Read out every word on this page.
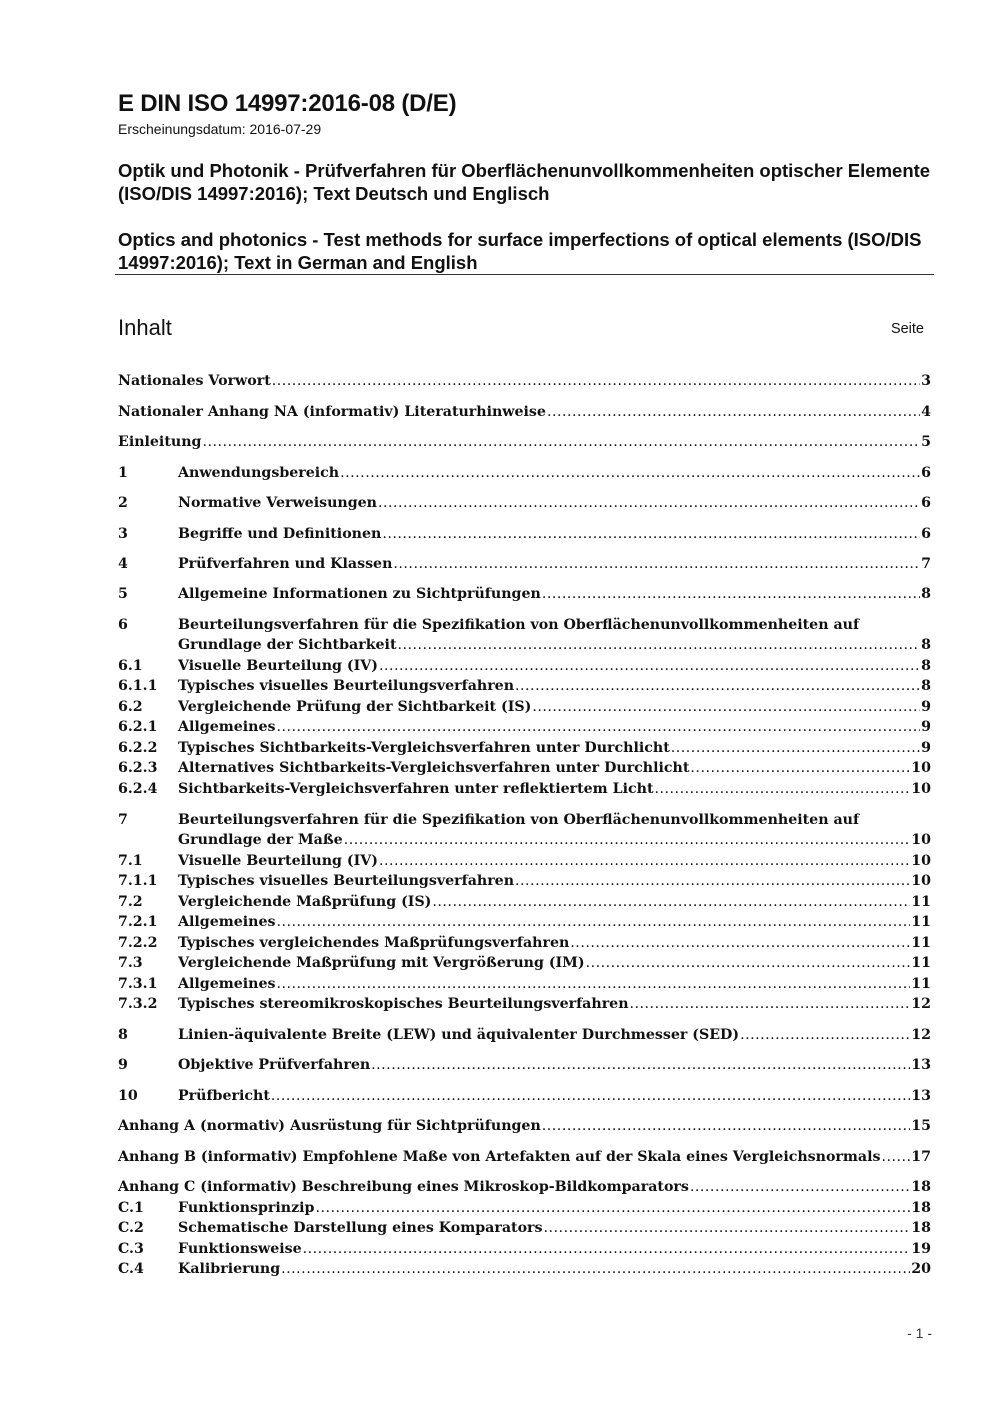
E DIN ISO 14997:2016-08 (D/E)
Erscheinungsdatum: 2016-07-29
Optik und Photonik - Prüfverfahren für Oberflächenunvollkommenheiten optischer Elemente (ISO/DIS 14997:2016); Text Deutsch und Englisch
Optics and photonics - Test methods for surface imperfections of optical elements (ISO/DIS 14997:2016); Text in German and English
Inhalt	Seite
Nationales Vorwort .....	3
Nationaler Anhang NA (informativ) Literaturhinweise .....	4
Einleitung .....	5
1	Anwendungsbereich .....	6
2	Normative Verweisungen .....	6
3	Begriffe und Definitionen .....	6
4	Prüfverfahren und Klassen .....	7
5	Allgemeine Informationen zu Sichtprüfungen .....	8
6	Beurteilungsverfahren für die Spezifikation von Oberflächenunvollkommenheiten auf
Grundlage der Sichtbarkeit .....	8
6.1	Visuelle Beurteilung (IV) .....	8
6.1.1	Typisches visuelles Beurteilungsverfahren .....	8
6.2	Vergleichende Prüfung der Sichtbarkeit (IS) .....	9
6.2.1	Allgemeines .....	9
6.2.2	Typisches Sichtbarkeits-Vergleichsverfahren unter Durchlicht .....	9
6.2.3	Alternatives Sichtbarkeits-Vergleichsverfahren unter Durchlicht .....	10
6.2.4	Sichtbarkeits-Vergleichsverfahren unter reflektiertem Licht .....	10
7	Beurteilungsverfahren für die Spezifikation von Oberflächenunvollkommenheiten auf
Grundlage der Maße .....	10
7.1	Visuelle Beurteilung (IV) .....	10
7.1.1	Typisches visuelles Beurteilungsverfahren .....	10
7.2	Vergleichende Maßprüfung (IS) .....	11
7.2.1	Allgemeines .....	11
7.2.2	Typisches vergleichendes Maßprüfungsverfahren .....	11
7.3	Vergleichende Maßprüfung mit Vergrößerung (IM) .....	11
7.3.1	Allgemeines .....	11
7.3.2	Typisches stereomikroskopisches Beurteilungsverfahren .....	12
8	Linien-äquivalente Breite (LEW) und äquivalenter Durchmesser (SED) .....	12
9	Objektive Prüfverfahren .....	13
10	Prüfbericht .....	13
Anhang A (normativ) Ausrüstung für Sichtprüfungen .....	15
Anhang B (informativ) Empfohlene Maße von Artefakten auf der Skala eines Vergleichsnormals ..... 17
Anhang C (informativ) Beschreibung eines Mikroskop-Bildkomparators .....	18
C.1	Funktionsprinzip .....	18
C.2	Schematische Darstellung eines Komparators .....	18
C.3	Funktionsweise .....	19
C.4	Kalibrierung .....	20
- 1 -
